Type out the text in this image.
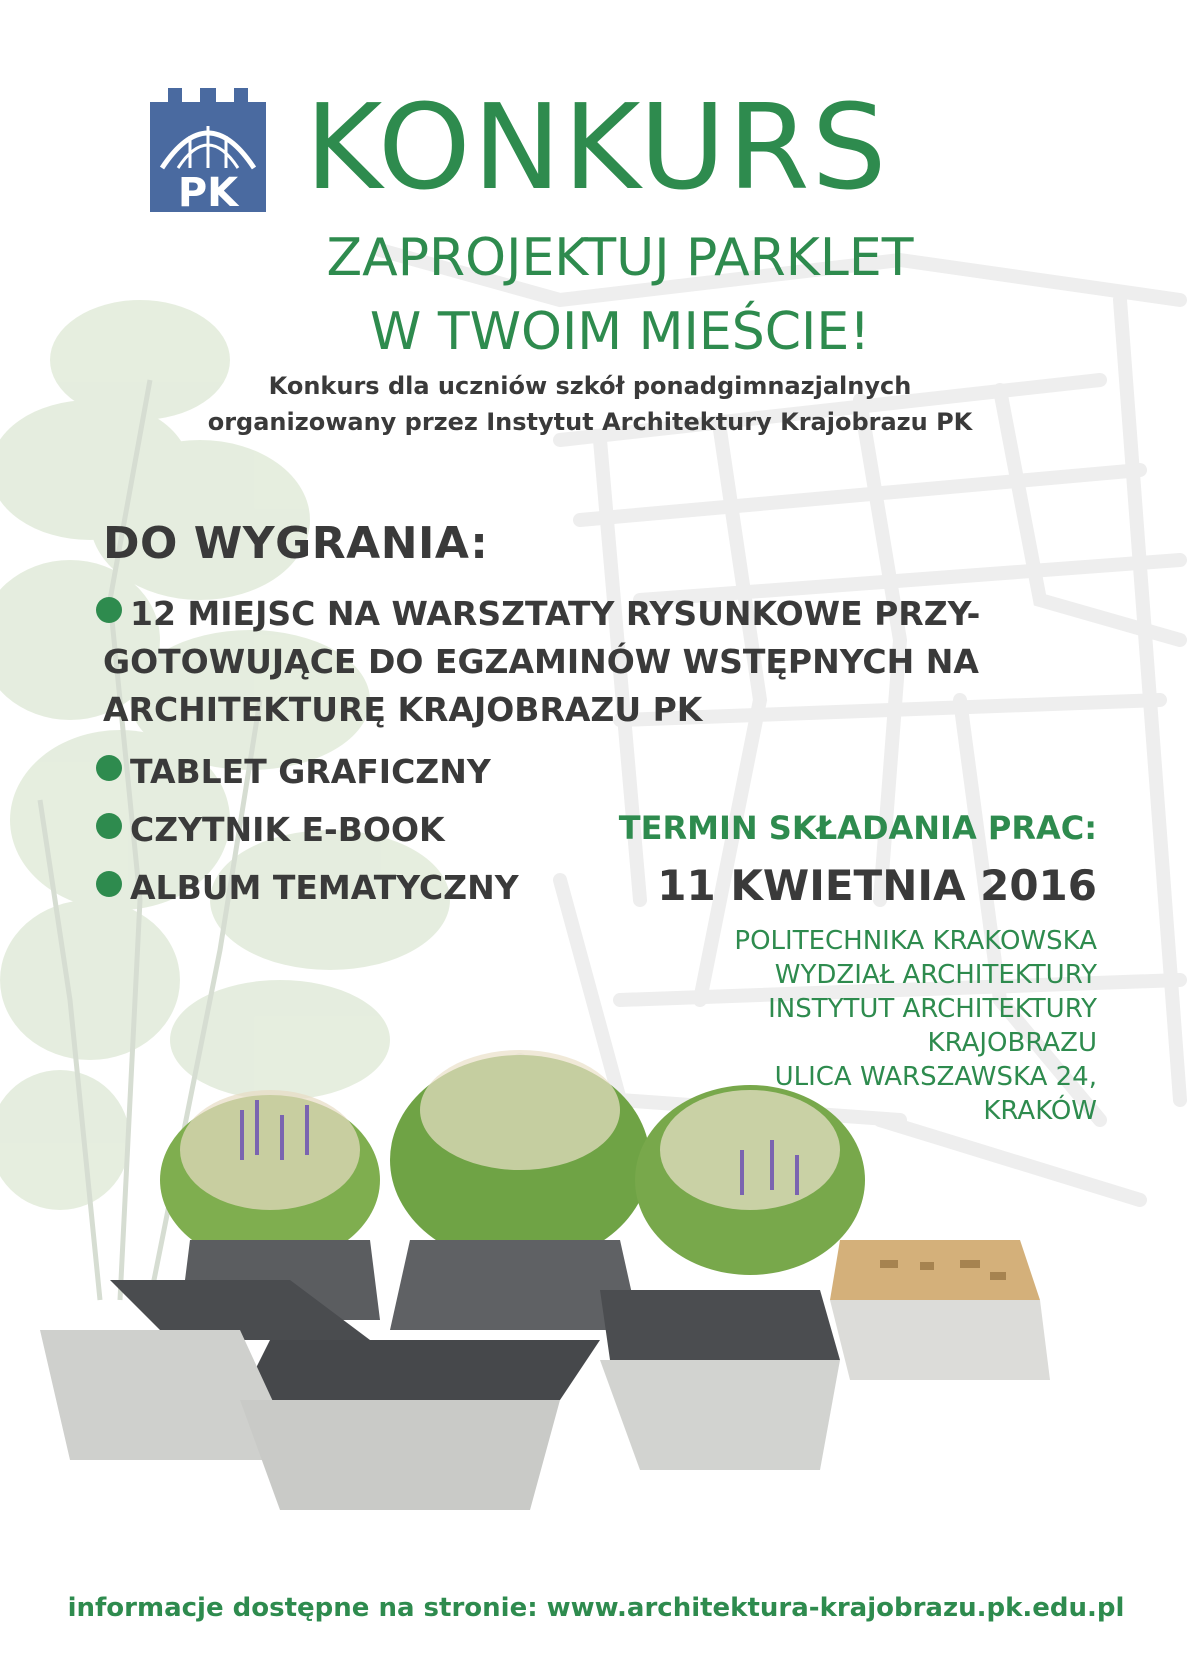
PK KONKURS
ZAPROJEKTUJ PARKLET
W TWOIM MIEŚCIE!
Konkurs dla uczniów szkół ponadgimnazjalnych
organizowany przez Instytut Architektury Krajobrazu PK
DO WYGRANIA:
12 MIEJSC NA WARSZTATY RYSUNKOWE PRZY-
GOTOWUJĄCE DO EGZAMINÓW WSTĘPNYCH NA
ARCHITEKTURĘ KRAJOBRAZU PK
TABLET GRAFICZNY
CZYTNIK E-BOOK
ALBUM TEMATYCZNY
TERMIN SKŁADANIA PRAC:
11 KWIETNIA 2016
POLITECHNIKA KRAKOWSKA
WYDZIAŁ ARCHITEKTURY
INSTYTUT ARCHITEKTURY
KRAJOBRAZU
ULICA WARSZAWSKA 24,
KRAKÓW
informacje dostępne na stronie: www.architektura-krajobrazu.pk.edu.pl
